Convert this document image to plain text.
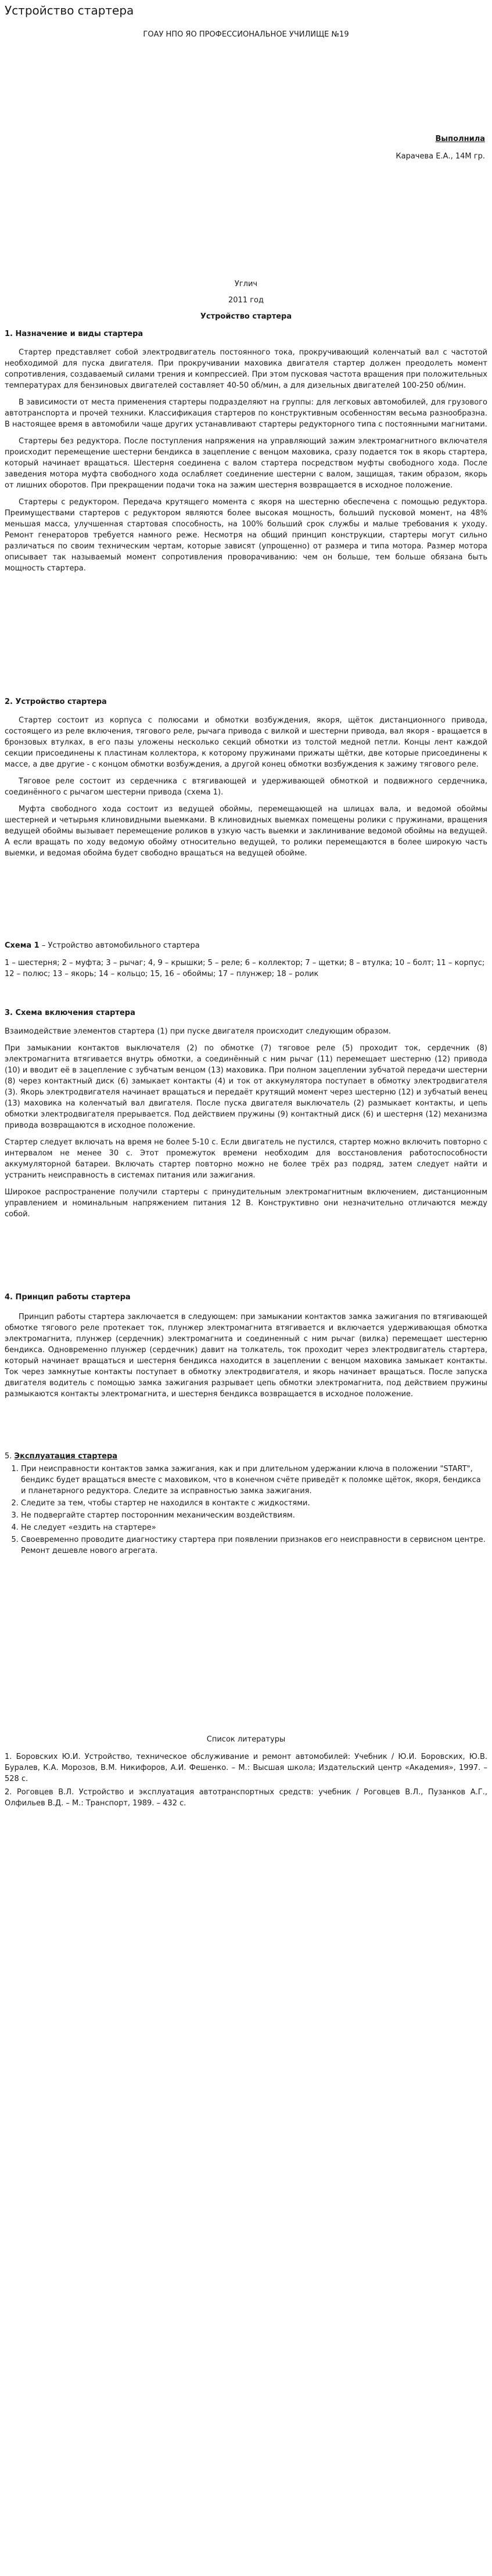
Устройство стартера
ГОАУ НПО ЯО ПРОФЕССИОНАЛЬНОЕ УЧИЛИЩЕ №19
Выполнила
Карачева Е.А., 14М гр.
Углич
2011 год
Устройство стартера
1. Назначение и виды стартера

Стартер представляет собой электродвигатель постоянного тока, прокручивающий коленчатый вал с частотой необходимой для пуска двигателя. При прокручивании маховика двигателя стартер должен преодолеть момент сопротивления, создаваемый силами трения и компрессией. При этом пусковая частота вращения при положительных температурах для бензиновых двигателей составляет 40-50 об/мин, а для дизельных двигателей 100-250 об/мин.

В зависимости от места применения стартеры подразделяют на группы: для легковых автомобилей, для грузового автотранспорта и прочей техники. Классификация стартеров по конструктивным особенностям весьма разнообразна. В настоящее время в автомобили чаще других устанавливают стартеры редукторного типа с постоянными магнитами.

Стартеры без редуктора. После поступления напряжения на управляющий зажим электромагнитного включателя происходит перемещение шестерни бендикса в зацепление с венцом маховика, сразу подается ток в якорь стартера, который начинает вращаться. Шестерня соединена с валом стартера посредством муфты свободного хода. После заведения мотора муфта свободного хода ослабляет соединение шестерни с валом, защищая, таким образом, якорь от лишних оборотов. При прекращении подачи тока на зажим шестерня возвращается в исходное положение.

Стартеры с редуктором. Передача крутящего момента с якоря на шестерню обеспечена с помощью редуктора. Преимуществами стартеров с редуктором являются более высокая мощность, больший пусковой момент, на 48% меньшая масса, улучшенная стартовая способность, на 100% больший срок службы и малые требования к уходу. Ремонт генераторов требуется намного реже. Несмотря на общий принцип конструкции, стартеры могут сильно различаться по своим техническим чертам, которые зависят (упрощенно) от размера и типа мотора. Размер мотора описывает так называемый момент сопротивления проворачиванию: чем он больше, тем больше обязана быть мощность стартера.

2. Устройство стартера

Стартер состоит из корпуса с полюсами и обмотки возбуждения, якоря, щёток дистанционного привода, состоящего из реле включения, тягового реле, рычага привода с вилкой и шестерни привода, вал якоря - вращается в бронзовых втулках, в его пазы уложены несколько секций обмотки из толстой медной петли. Концы лент каждой секции присоединены к пластинам коллектора, к которому пружинами прижаты щётки, две которые присоединены к массе, а две другие - с концом обмотки возбуждения, а другой конец обмотки возбуждения к зажиму тягового реле.

Тяговое реле состоит из сердечника с втягивающей и удерживающей обмоткой и подвижного сердечника, соединённого с рычагом шестерни привода (схема 1).

Муфта свободного хода состоит из ведущей обоймы, перемещающей на шлицах вала, и ведомой обоймы шестерней и четырьмя клиновидными выемками. В клиновидных выемках помещены ролики с пружинами, вращения ведущей обоймы вызывает перемещение роликов в узкую часть выемки и заклинивание ведомой обоймы на ведущей. А если вращать по ходу ведомую обойму относительно ведущей, то ролики перемещаются в более широкую часть выемки, и ведомая обойма будет свободно вращаться на ведущей обойме.

Схема 1 – Устройство автомобильного стартера
1 – шестерня; 2 – муфта; 3 – рычаг; 4, 9 – крышки; 5 – реле; 6 – коллектор; 7 – щетки; 8 – втулка; 10 – болт; 11 – корпус; 12 – полюс; 13 – якорь; 14 – кольцо; 15, 16 – обоймы; 17 – плунжер; 18 – ролик
3. Схема включения стартера

Взаимодействие элементов стартера (1) при пуске двигателя происходит следующим образом.

При замыкании контактов выключателя (2) по обмотке (7) тяговое реле (5) проходит ток, сердечник (8) электромагнита втягивается внутрь обмотки, а соединённый с ним рычаг (11) перемещает шестерню (12) привода (10) и вводит её в зацепление с зубчатым венцом (13) маховика. При полном зацеплении зубчатой передачи шестерни (8) через контактный диск (6) замыкает контакты (4) и ток от аккумулятора поступает в обмотку электродвигателя (3). Якорь электродвигателя начинает вращаться и передаёт крутящий момент через шестерню (12) и зубчатый венец (13) маховика на коленчатый вал двигателя. После пуска двигателя выключатель (2) размыкает контакты, и цепь обмотки электродвигателя прерывается. Под действием пружины (9) контактный диск (6) и шестерня (12) механизма привода возвращаются в исходное положение.

Стартер следует включать на время не более 5-10 с. Если двигатель не пустился, стартер можно включить повторно с интервалом не менее 30 с. Этот промежуток времени необходим для восстановления работоспособности аккумуляторной батареи. Включать стартер повторно можно не более трёх раз подряд, затем следует найти и устранить неисправность в системах питания или зажигания.

Широкое распространение получили стартеры с принудительным электромагнитным включением, дистанционным управлением и номинальным напряжением питания 12 В. Конструктивно они незначительно отличаются между собой.

4. Принцип работы стартера

Принцип работы стартера заключается в следующем: при замыкании контактов замка зажигания по втягивающей обмотке тягового реле протекает ток, плунжер электромагнита втягивается и включается удерживающая обмотка электромагнита, плунжер (сердечник) электромагнита и соединенный с ним рычаг (вилка) перемещает шестерню бендикса. Одновременно плунжер (сердечник) давит на толкатель, ток проходит через электродвигатель стартера, который начинает вращаться и шестерня бендикса находится в зацеплении с венцом маховика замыкает контакты. Ток через замкнутые контакты поступает в обмотку электродвигателя, и якорь начинает вращаться. После запуска двигателя водитель с помощью замка зажигания разрывает цепь обмотки электромагнита, под действием пружины размыкаются контакты электромагнита, и шестерня бендикса возвращается в исходное положение.

5. Эксплуатация стартера
1. При неисправности контактов замка зажигания, как и при длительном удержании ключа в положении "START", бендикс будет вращаться вместе с маховиком, что в конечном счёте приведёт к поломке щёток, якоря, бендикса и планетарного редуктора. Следите за исправностью замка зажигания.
2. Следите за тем, чтобы стартер не находился в контакте с жидкостями.
3. Не подвергайте стартер посторонним механическим воздействиям.
4. Не следует «ездить на стартере»
5. Своевременно проводите диагностику стартера при появлении признаков его неисправности в сервисном центре. Ремонт дешевле нового агрегата.
Список литературы

1. Боровских Ю.И. Устройство, техническое обслуживание и ремонт автомобилей: Учебник / Ю.И. Боровских, Ю.В. Буралев, К.А. Морозов, В.М. Никифоров, А.И. Фешенко. – М.: Высшая школа; Издательский центр «Академия», 1997. – 528 с.

2. Роговцев В.Л. Устройство и эксплуатация автотранспортных средств: учебник / Роговцев В.Л., Пузанков А.Г., Олфильев В.Д. – М.: Транспорт, 1989. – 432 с.
